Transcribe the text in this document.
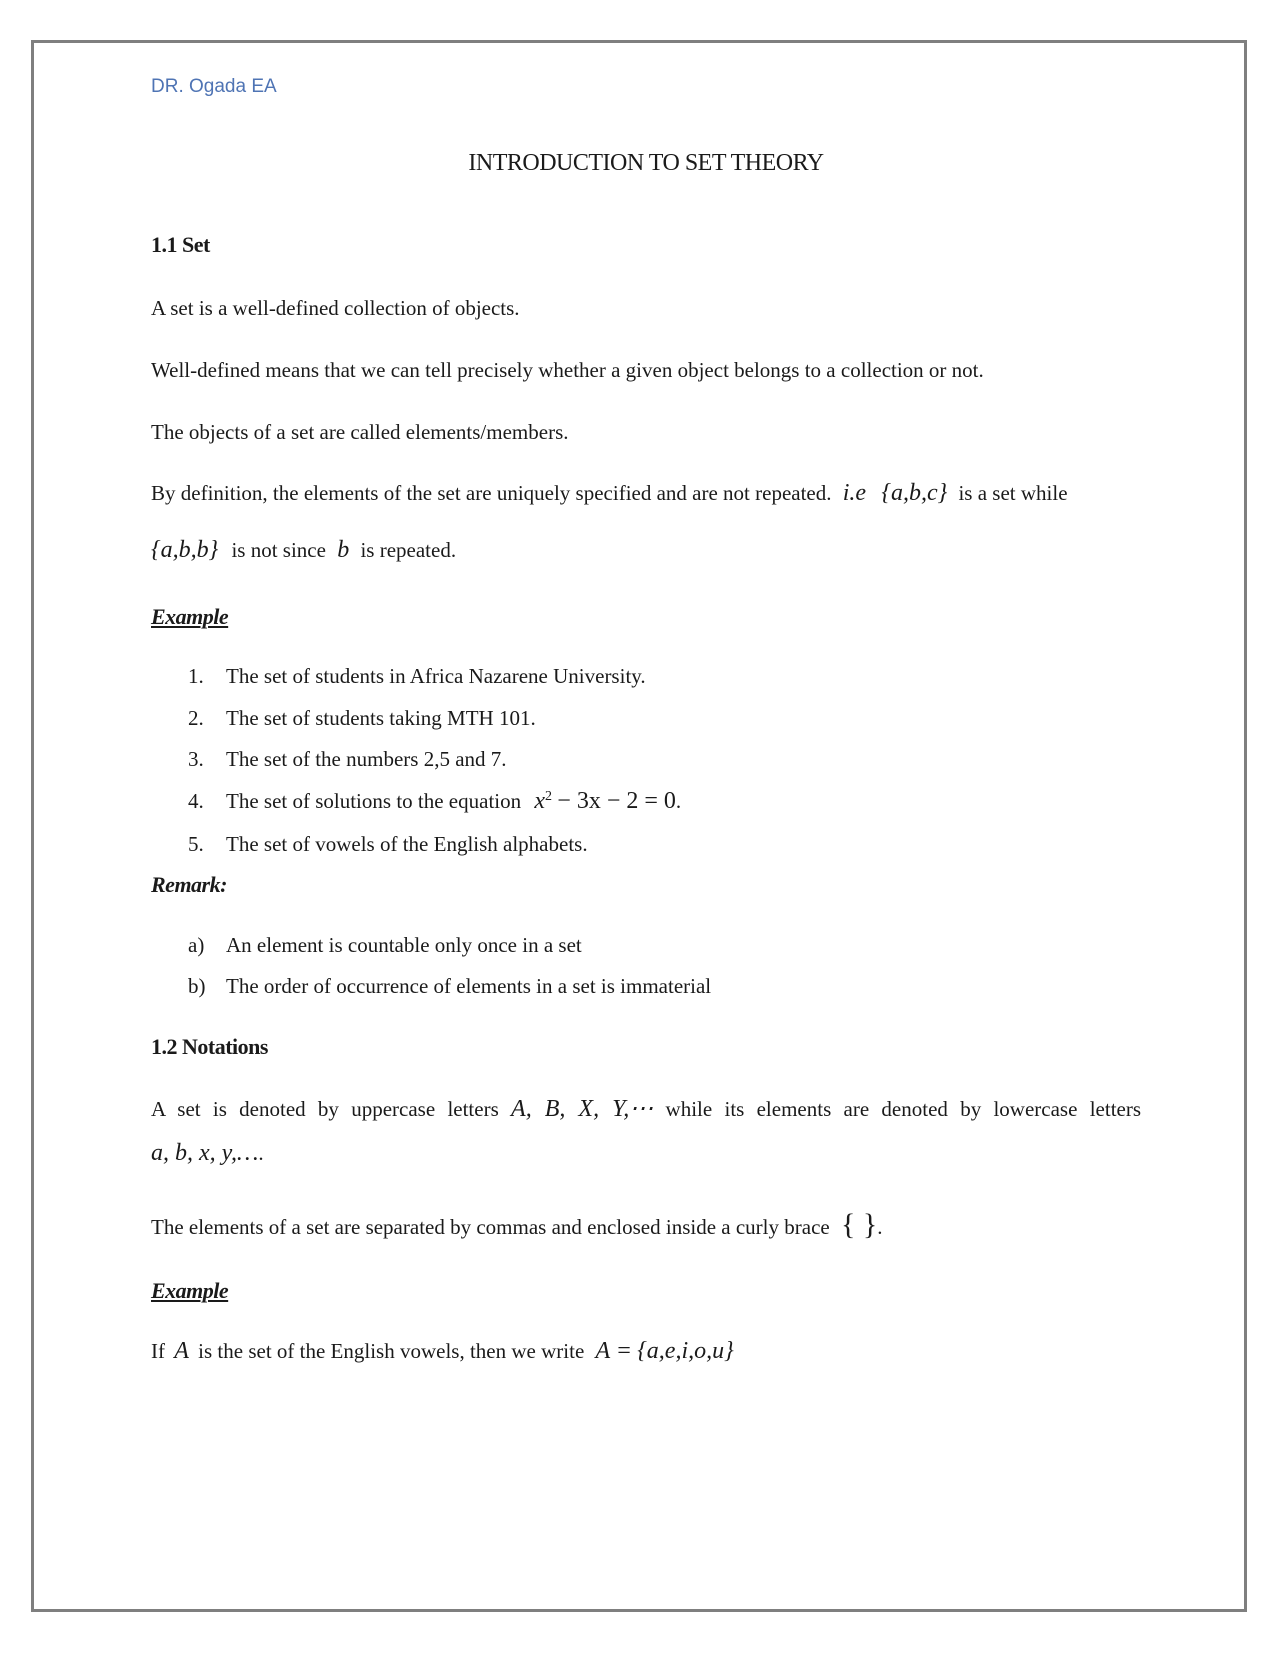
DR. Ogada EA
INTRODUCTION TO SET THEORY
1.1 Set
A set is a well-defined collection of objects.
Well-defined means that we can tell precisely whether a given object belongs to a collection or not.
The objects of a set are called elements/members.
By definition, the elements of the set are uniquely specified and are not repeated. i.e {a,b,c} is a set while
{a,b,b} is not since b is repeated.
Example
1. The set of students in Africa Nazarene University.
2. The set of students taking MTH 101.
3. The set of the numbers 2,5 and 7.
4. The set of solutions to the equation $x^2 - 3x - 2 = 0$.
5. The set of vowels of the English alphabets.
Remark:
a) An element is countable only once in a set
b) The order of occurrence of elements in a set is immaterial
1.2 Notations
A set is denoted by uppercase letters A, B, X, Y,⋯ while its elements are denoted by lowercase letters
a, b, x, y,….
The elements of a set are separated by commas and enclosed inside a curly brace { }.
Example
If A is the set of the English vowels, then we write A = {a,e,i,o,u}
